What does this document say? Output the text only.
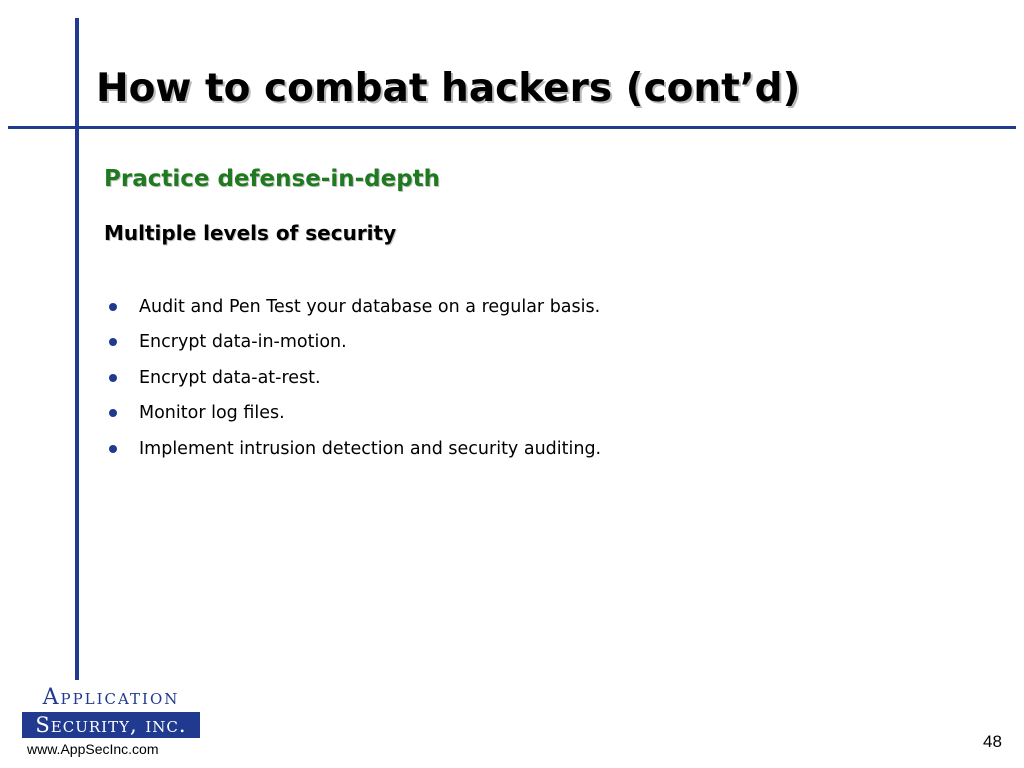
How to combat hackers (cont’d)
Practice defense-in-depth
Multiple levels of security
Audit and Pen Test your database on a regular basis.
Encrypt data-in-motion.
Encrypt data-at-rest.
Monitor log files.
Implement intrusion detection and security auditing.
Application
Security, inc.
www.AppSecInc.com	48
